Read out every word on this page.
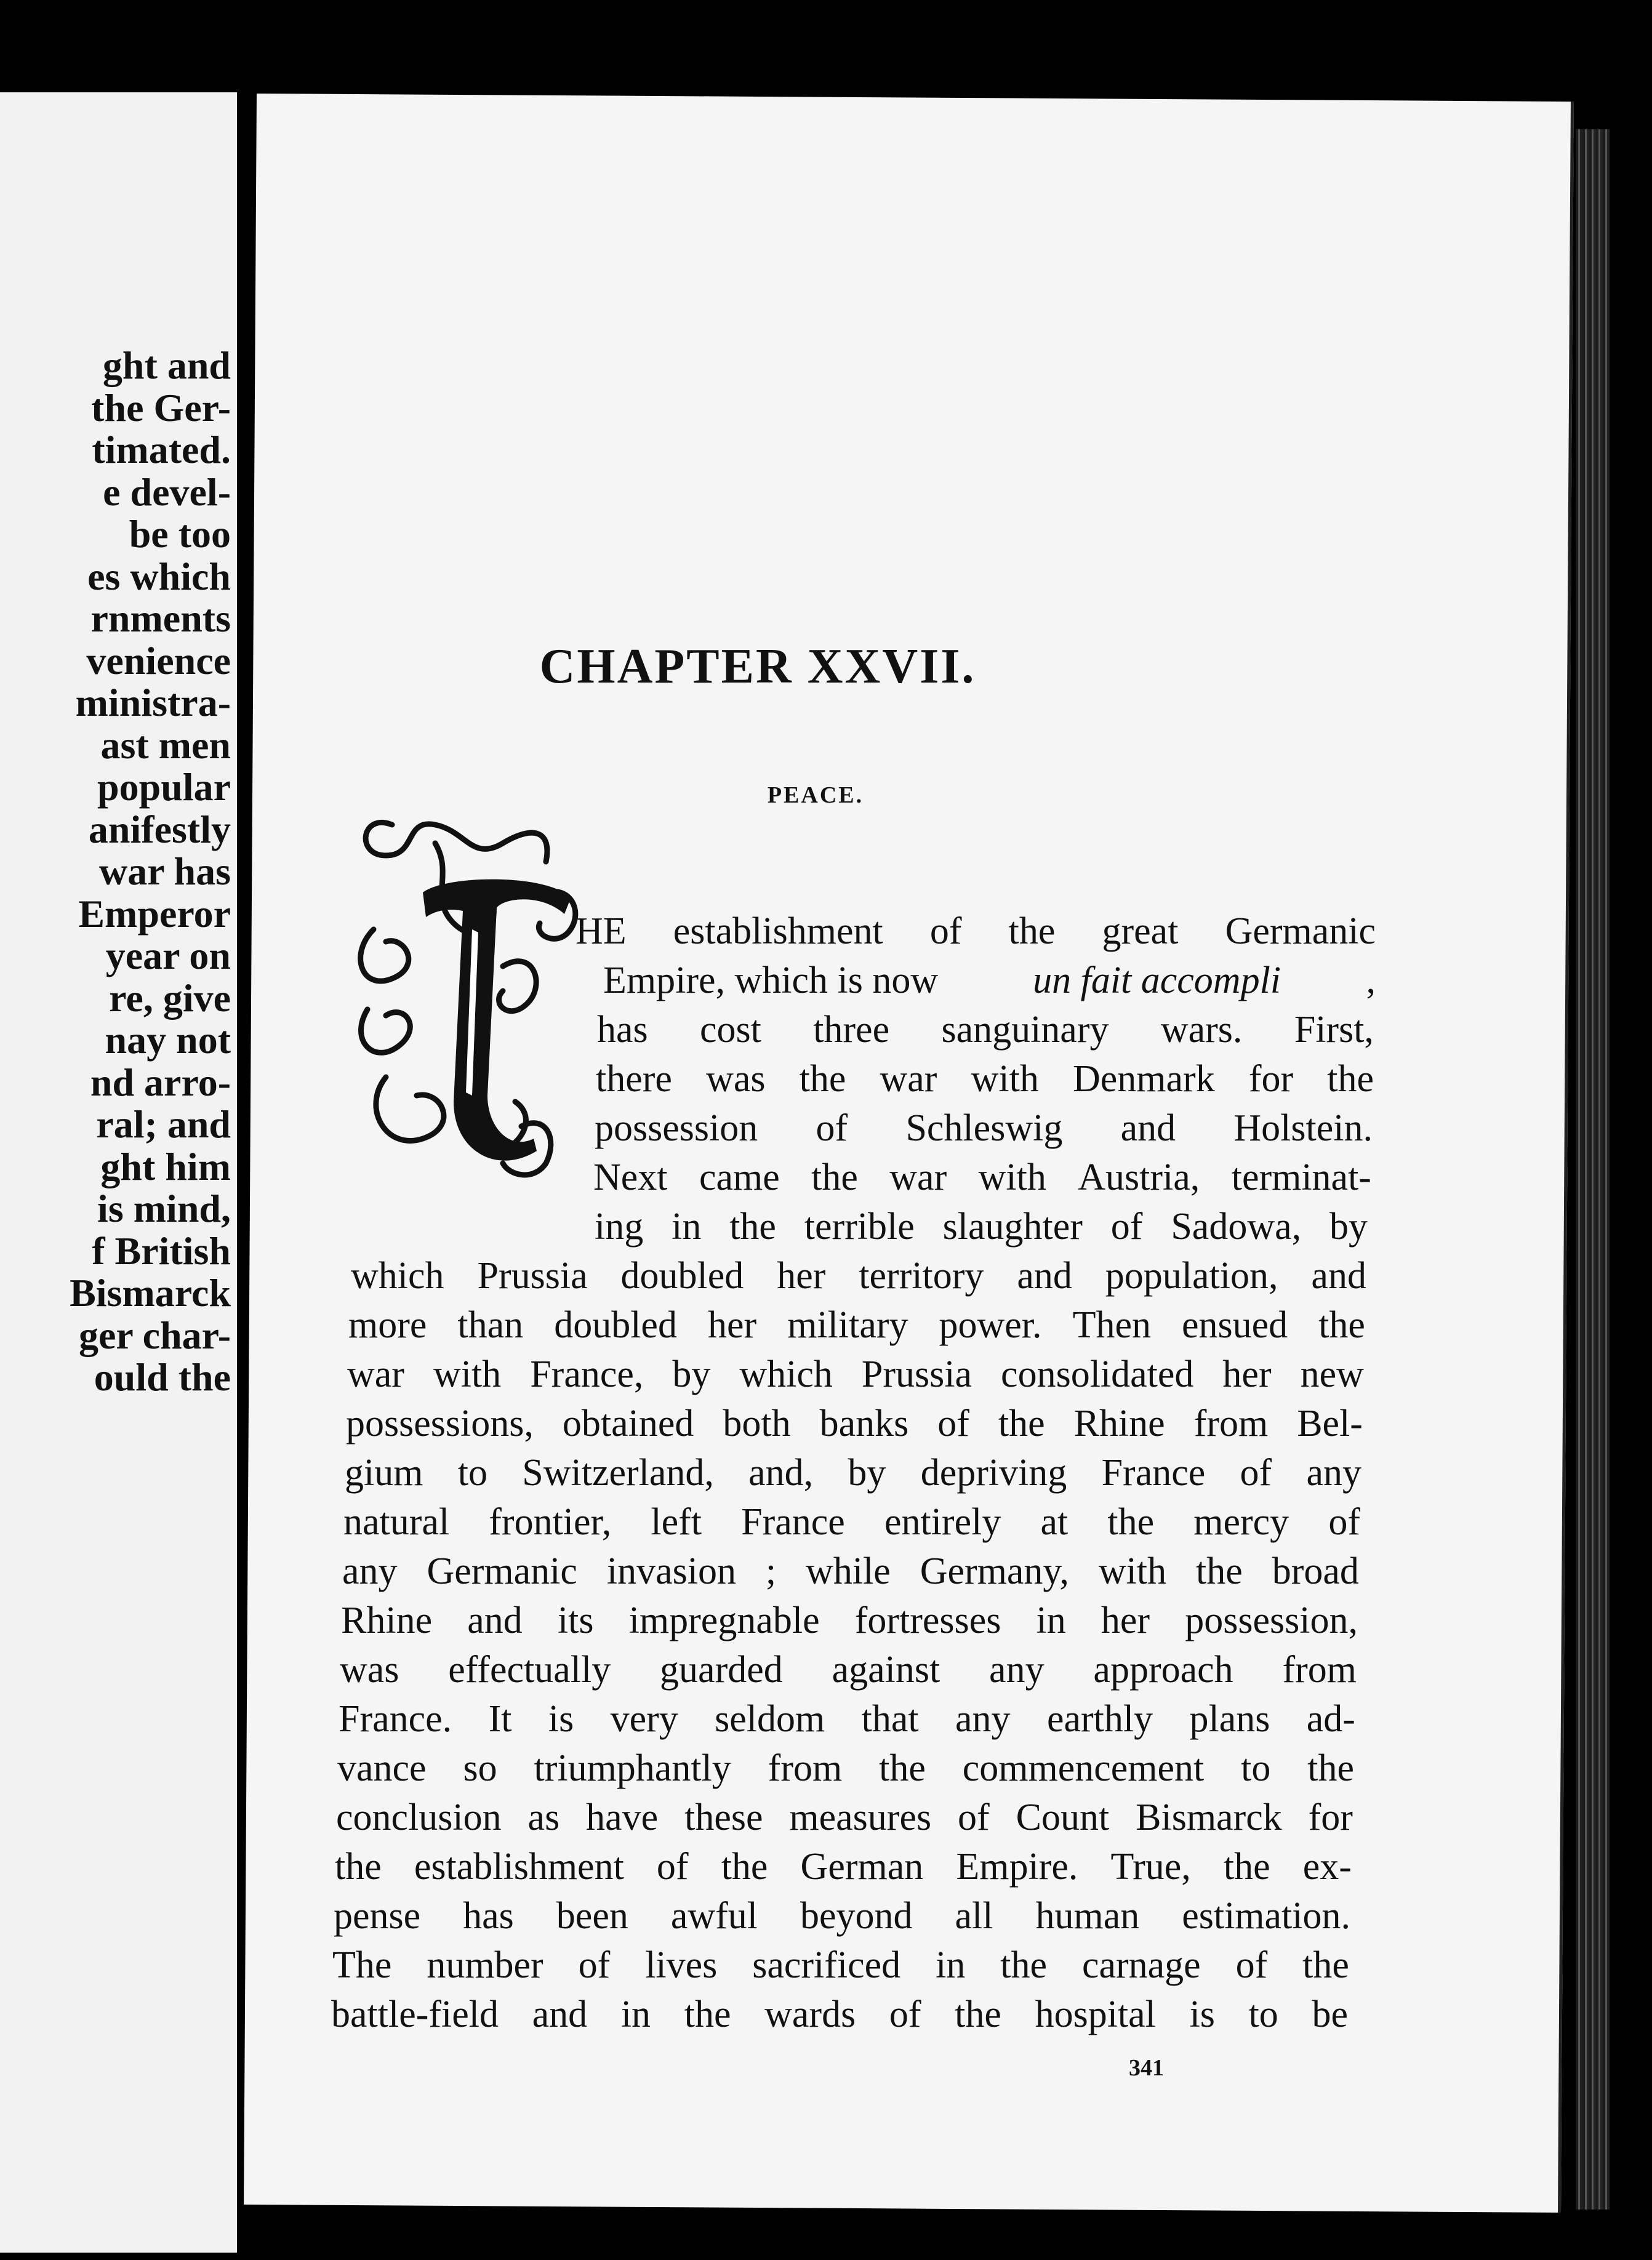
ght and
the Ger-
timated.
e devel-
be too
es which
rnments
venience
ministra-
ast men
popular
anifestly
war has
Emperor
year on
re, give
nay not
nd arro-
ral; and
ght him
is mind,
f British
Bismarck
ger char-
ould the
CHAPTER XXVII.
PEACE.
HE establishment of the great Germanic
Empire, which is now un fait accompli ,
has cost three sanguinary wars. First,
there was the war with Denmark for the
possession of Schleswig and Holstein.
Next came the war with Austria, terminat-
ing in the terrible slaughter of Sadowa, by
which Prussia doubled her territory and population, and
more than doubled her military power. Then ensued the
war with France, by which Prussia consolidated her new
possessions, obtained both banks of the Rhine from Bel-
gium to Switzerland, and, by depriving France of any
natural frontier, left France entirely at the mercy of
any Germanic invasion ; while Germany, with the broad
Rhine and its impregnable fortresses in her possession,
was effectually guarded against any approach from
France. It is very seldom that any earthly plans ad-
vance so triumphantly from the commencement to the
conclusion as have these measures of Count Bismarck for
the establishment of the German Empire. True, the ex-
pense has been awful beyond all human estimation.
The number of lives sacrificed in the carnage of the
battle-field and in the wards of the hospital is to be
341
